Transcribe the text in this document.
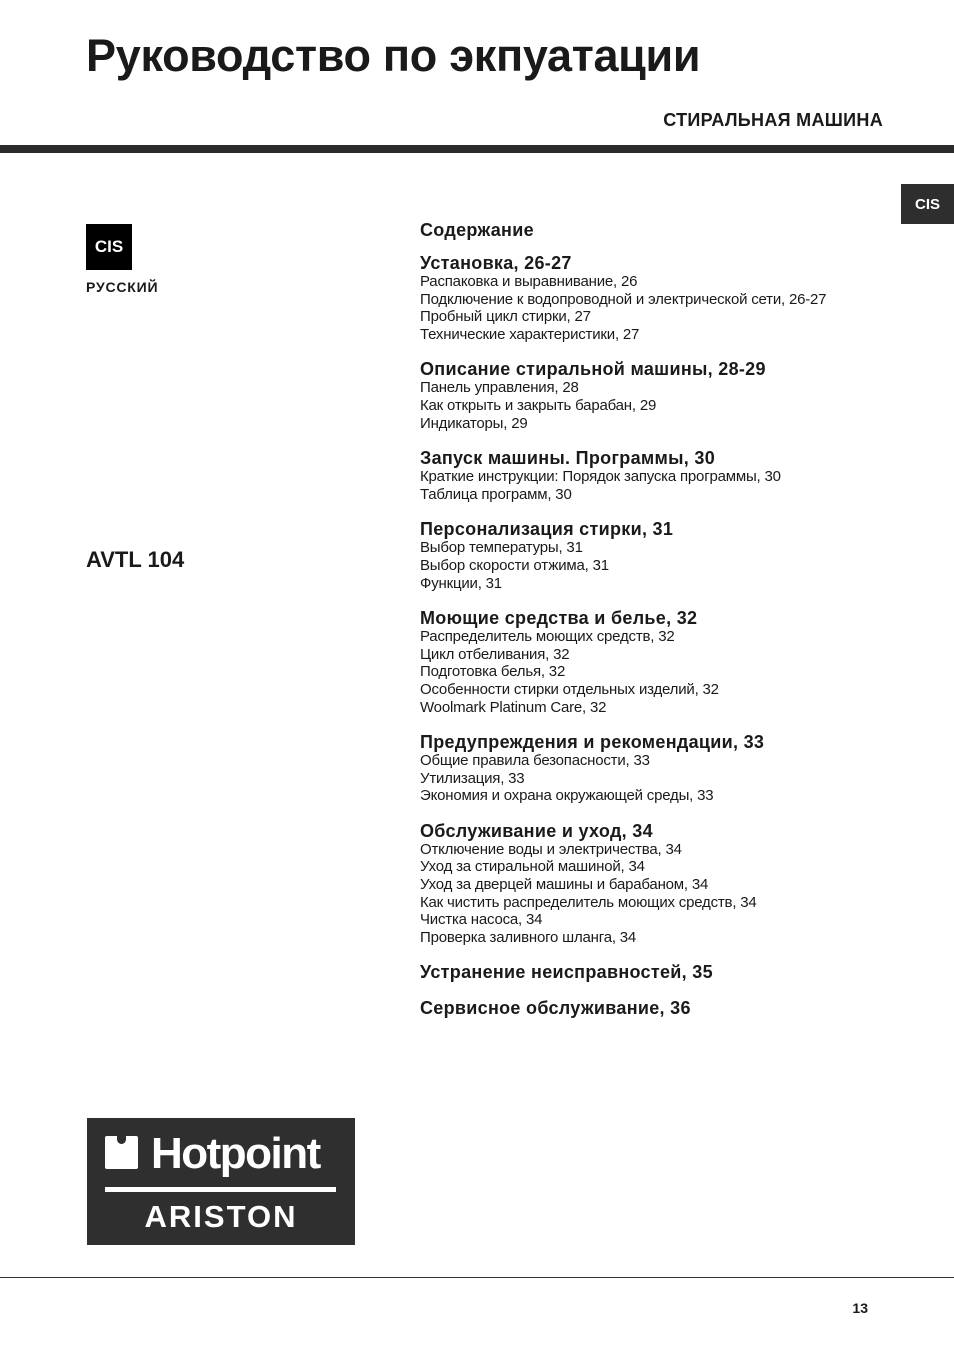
Руководство по экпуатации
СТИРАЛЬНАЯ МАШИНА
CIS
CIS
РУССКИЙ
AVTL 104
Содержание
Установка, 26-27
Распаковка и выравнивание, 26
Подключение к водопроводной и электрической сети, 26-27
Пробный цикл стирки, 27
Технические характеристики, 27
Описание стиральной машины, 28-29
Панель управления, 28
Как открыть и закрыть барабан, 29
Индикаторы, 29
Запуск машины. Программы, 30
Краткие инструкции: Порядок запуска программы, 30
Таблица программ, 30
Персонализация стирки, 31
Выбор температуры, 31
Выбор скорости отжима, 31
Функции, 31
Моющие средства и белье, 32
Распределитель моющих средств, 32
Цикл отбеливания, 32
Подготовка белья, 32
Особенности стирки отдельных изделий, 32
Woolmark Platinum Care, 32
Предупреждения и рекомендации, 33
Общие правила безопасности, 33
Утилизация, 33
Экономия и охрана окружающей среды, 33
Обслуживание и уход, 34
Отключение воды и электричества, 34
Уход за стиральной машиной, 34
Уход за дверцей машины и барабаном, 34
Как чистить распределитель моющих средств, 34
Чистка насоса, 34
Проверка заливного шланга, 34
Устранение неисправностей, 35
Сервисное обслуживание, 36
Hotpoint
ARISTON
13
